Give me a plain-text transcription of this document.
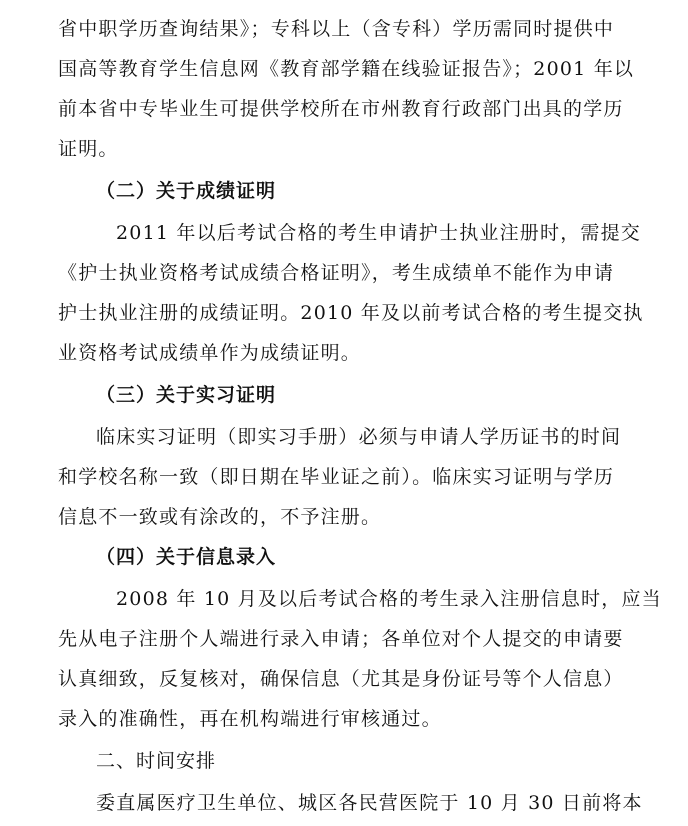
省中职学历查询结果》；专科以上（含专科）学历需同时提供中
国高等教育学生信息网《教育部学籍在线验证报告》；2001 年以
前本省中专毕业生可提供学校所在市州教育行政部门出具的学历
证明。
（二）关于成绩证明
2011 年以后考试合格的考生申请护士执业注册时，需提交
《护士执业资格考试成绩合格证明》，考生成绩单不能作为申请
护士执业注册的成绩证明。2010 年及以前考试合格的考生提交执
业资格考试成绩单作为成绩证明。
（三）关于实习证明
临床实习证明（即实习手册）必须与申请人学历证书的时间
和学校名称一致（即日期在毕业证之前）。临床实习证明与学历
信息不一致或有涂改的，不予注册。
（四）关于信息录入
2008 年 10 月及以后考试合格的考生录入注册信息时，应当
先从电子注册个人端进行录入申请；各单位对个人提交的申请要
认真细致，反复核对，确保信息（尤其是身份证号等个人信息）
录入的准确性，再在机构端进行审核通过。
二、时间安排
委直属医疗卫生单位、城区各民营医院于 10 月 30 日前将本
